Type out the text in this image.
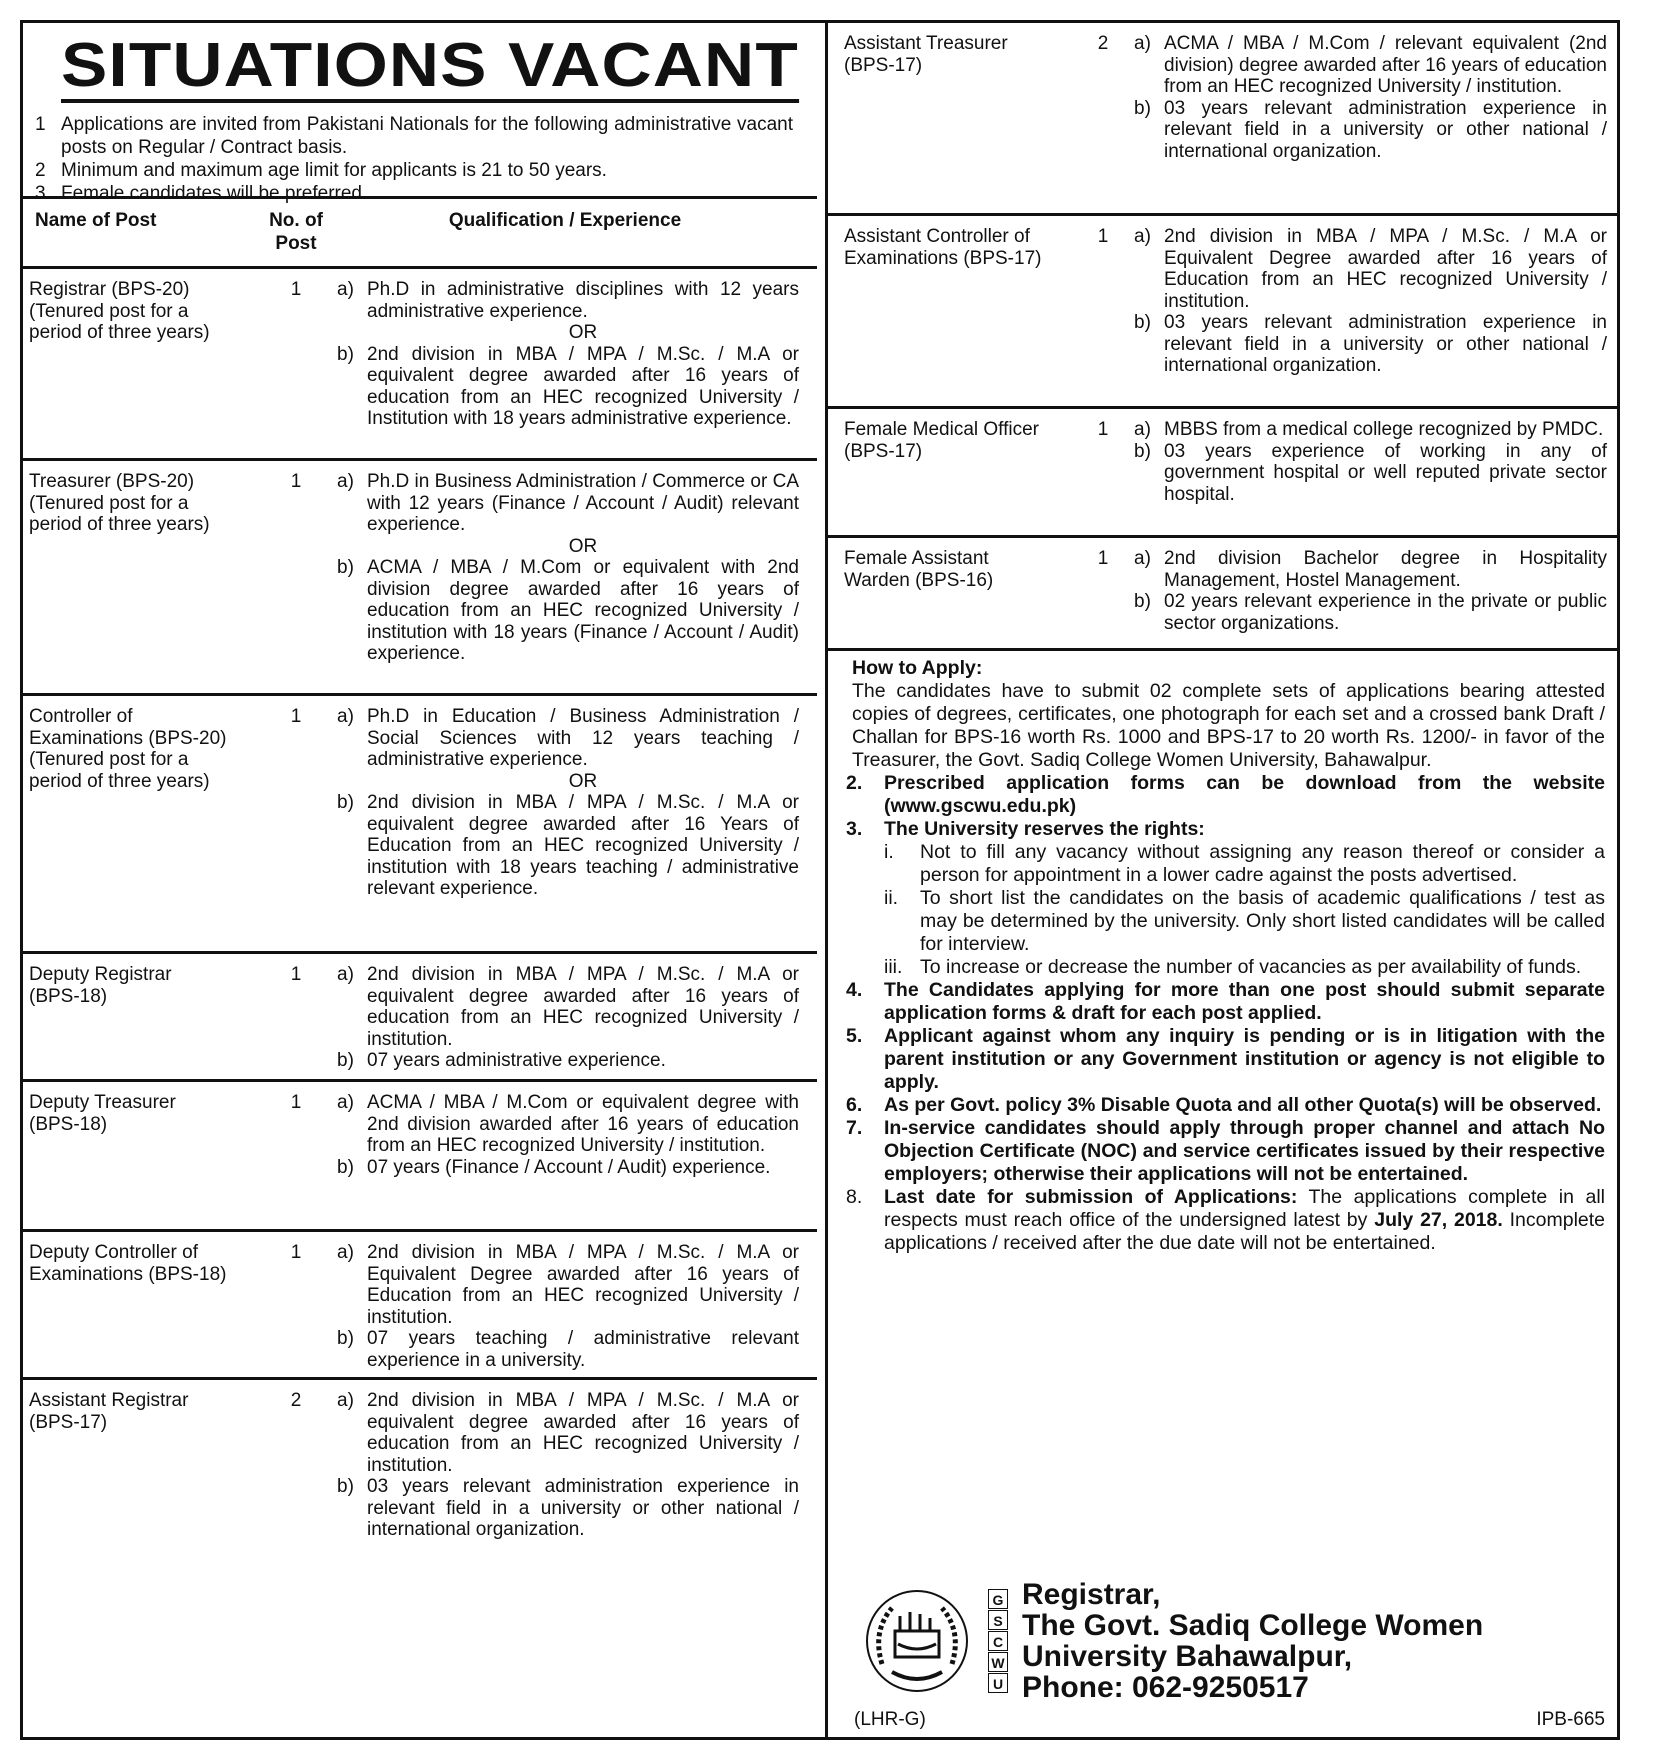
SITUATIONS VACANT
1 Applications are invited from Pakistani Nationals for the following administrative vacant posts on Regular / Contract basis.
2 Minimum and maximum age limit for applicants is 21 to 50 years.
3 Female candidates will be preferred.
Name of Post	No. of Post
Qualification / Experience
Registrar (BPS-20)
(Tenured post for a
period of three years)
1	a) Ph.D in administrative disciplines with 12 years administrative experience.
OR
b) 2nd division in MBA / MPA / M.Sc. / M.A or equivalent degree awarded after 16 years of education from an HEC recognized University / Institution with 18 years administrative experience.
Treasurer (BPS-20)
(Tenured post for a
period of three years)
1	a) Ph.D in Business Administration / Commerce or CA with 12 years (Finance / Account / Audit) relevant experience.
OR
b) ACMA / MBA / M.Com or equivalent with 2nd division degree awarded after 16 years of education from an HEC recognized University / institution with 18 years (Finance / Account / Audit) experience.
Controller of
Examinations (BPS-20)
(Tenured post for a
period of three years)
1	a) Ph.D in Education / Business Administration / Social Sciences with 12 years teaching / administrative experience.
OR
b) 2nd division in MBA / MPA / M.Sc. / M.A or equivalent degree awarded after 16 Years of Education from an HEC recognized University / institution with 18 years teaching / administrative relevant experience.
Deputy Registrar
(BPS-18)
1	a) 2nd division in MBA / MPA / M.Sc. / M.A or equivalent degree awarded after 16 years of education from an HEC recognized University / institution.
b) 07 years administrative experience.
Deputy Treasurer
(BPS-18)
1	a) ACMA / MBA / M.Com or equivalent degree with 2nd division awarded after 16 years of education from an HEC recognized University / institution.
b) 07 years (Finance / Account / Audit) experience.
Deputy Controller of
Examinations (BPS-18)
1	a) 2nd division in MBA / MPA / M.Sc. / M.A or Equivalent Degree awarded after 16 years of Education from an HEC recognized University / institution.
b) 07 years teaching / administrative relevant experience in a university.
Assistant Registrar
(BPS-17)
2	a) 2nd division in MBA / MPA / M.Sc. / M.A or equivalent degree awarded after 16 years of education from an HEC recognized University / institution.
b) 03 years relevant administration experience in relevant field in a university or other national / international organization.
Assistant Treasurer
(BPS-17)
2	a) ACMA / MBA / M.Com / relevant equivalent (2nd division) degree awarded after 16 years of education from an HEC recognized University / institution.
b) 03 years relevant administration experience in relevant field in a university or other national / international organization.
Assistant Controller of
Examinations (BPS-17)
1	a) 2nd division in MBA / MPA / M.Sc. / M.A or Equivalent Degree awarded after 16 years of Education from an HEC recognized University / institution.
b) 03 years relevant administration experience in relevant field in a university or other national / international organization.
Female Medical Officer
(BPS-17)
1	a) MBBS from a medical college recognized by PMDC.
b) 03 years experience of working in any of government hospital or well reputed private sector hospital.
Female Assistant
Warden (BPS-16)
1	a) 2nd division Bachelor degree in Hospitality Management, Hostel Management.
b) 02 years relevant experience in the private or public sector organizations.
How to Apply:
The candidates have to submit 02 complete sets of applications bearing attested copies of degrees, certificates, one photograph for each set and a crossed bank Draft / Challan for BPS-16 worth Rs. 1000 and BPS-17 to 20 worth Rs. 1200/- in favor of the Treasurer, the Govt. Sadiq College Women University, Bahawalpur.
2.	Prescribed application forms can be download from the website (www.gscwu.edu.pk)
3.	The University reserves the rights:
i.	Not to fill any vacancy without assigning any reason thereof or consider a person for appointment in a lower cadre against the posts advertised.
ii.	To short list the candidates on the basis of academic qualifications / test as may be determined by the university. Only short listed candidates will be called for interview.
iii. To increase or decrease the number of vacancies as per availability of funds.
4.	The Candidates applying for more than one post should submit separate application forms & draft for each post applied.
5.	Applicant against whom any inquiry is pending or is in litigation with the parent institution or any Government institution or agency is not eligible to apply.
6.	As per Govt. policy 3% Disable Quota and all other Quota(s) will be observed.
7.	In-service candidates should apply through proper channel and attach No Objection Certificate (NOC) and service certificates issued by their respective employers; otherwise their applications will not be entertained.
8.	Last date for submission of Applications: The applications complete in all respects must reach office of the undersigned latest by July 27, 2018. Incomplete applications / received after the due date will not be entertained.
G
S
C
W
U
Registrar,
The Govt. Sadiq College Women
University Bahawalpur,
Phone: 062-9250517
(LHR-G)	IPB-665
